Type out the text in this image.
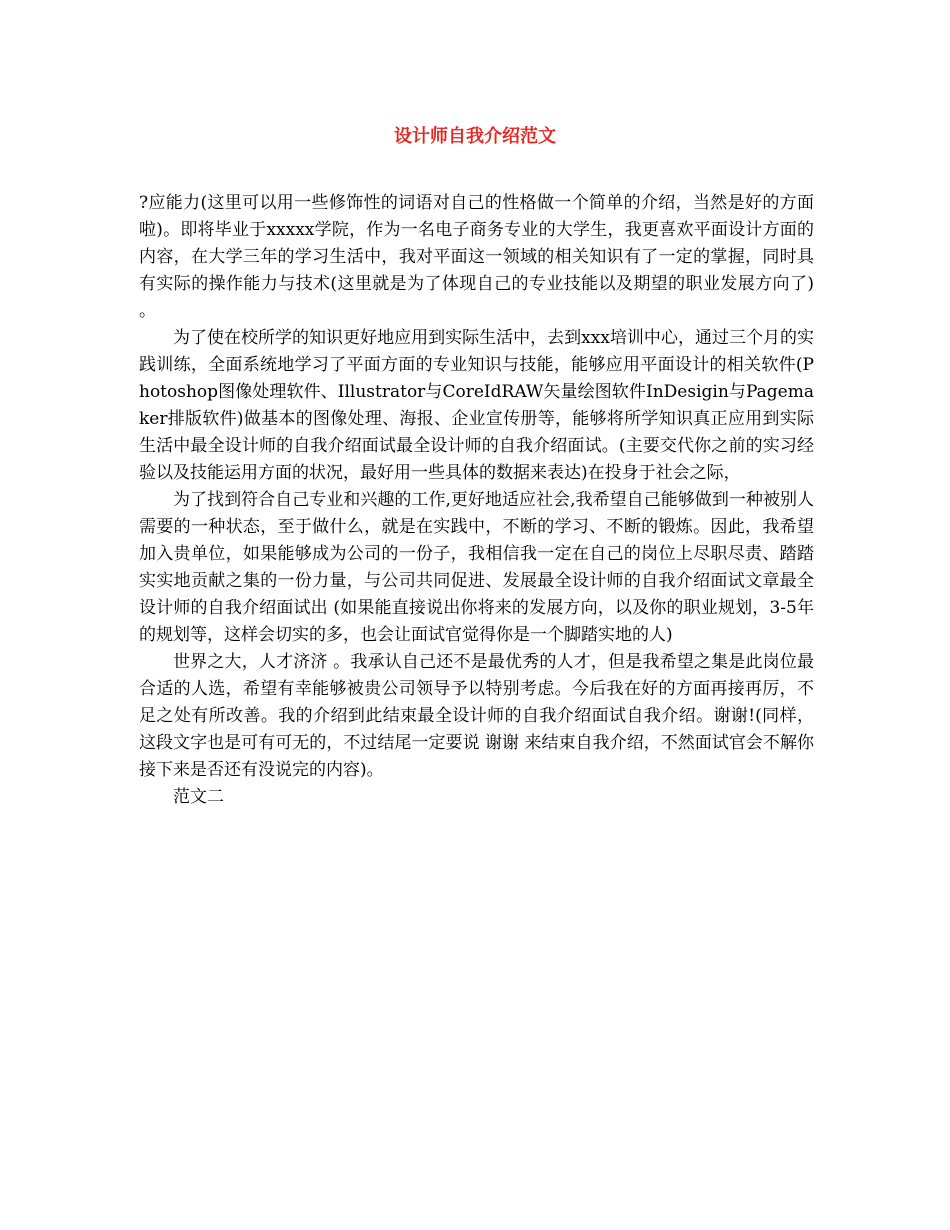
设计师自我介绍范文

?应能力(这里可以用一些修饰性的词语对自己的性格做一个简单的介绍，当然是好的方面啦)。即将毕业于xxxxx学院，作为一名电子商务专业的大学生，我更喜欢平面设计方面的内容，在大学三年的学习生活中，我对平面这一领域的相关知识有了一定的掌握，同时具有实际的操作能力与技术(这里就是为了体现自己的专业技能以及期望的职业发展方向了)。

为了使在校所学的知识更好地应用到实际生活中，去到xxx培训中心，通过三个月的实践训练，全面系统地学习了平面方面的专业知识与技能，能够应用平面设计的相关软件(Photoshop图像处理软件、Illustrator与CoreIdRAW矢量绘图软件InDesigin与Pagemaker排版软件)做基本的图像处理、海报、企业宣传册等，能够将所学知识真正应用到实际生活中最全设计师的自我介绍面试最全设计师的自我介绍面试。(主要交代你之前的实习经验以及技能运用方面的状况，最好用一些具体的数据来表达)在投身于社会之际，

为了找到符合自己专业和兴趣的工作,更好地适应社会,我希望自己能够做到一种被别人需要的一种状态，至于做什么，就是在实践中，不断的学习、不断的锻炼。因此，我希望加入贵单位，如果能够成为公司的一份子，我相信我一定在自己的岗位上尽职尽责、踏踏实实地贡献之集的一份力量，与公司共同促进、发展最全设计师的自我介绍面试文章最全设计师的自我介绍面试出 (如果能直接说出你将来的发展方向，以及你的职业规划，3-5年的规划等，这样会切实的多，也会让面试官觉得你是一个脚踏实地的人)

世界之大，人才济济 。我承认自己还不是最优秀的人才，但是我希望之集是此岗位最合适的人选，希望有幸能够被贵公司领导予以特别考虑。今后我在好的方面再接再厉，不足之处有所改善。我的介绍到此结束最全设计师的自我介绍面试自我介绍。谢谢!(同样，这段文字也是可有可无的，不过结尾一定要说 谢谢 来结束自我介绍，不然面试官会不解你接下来是否还有没说完的内容)。

范文二
